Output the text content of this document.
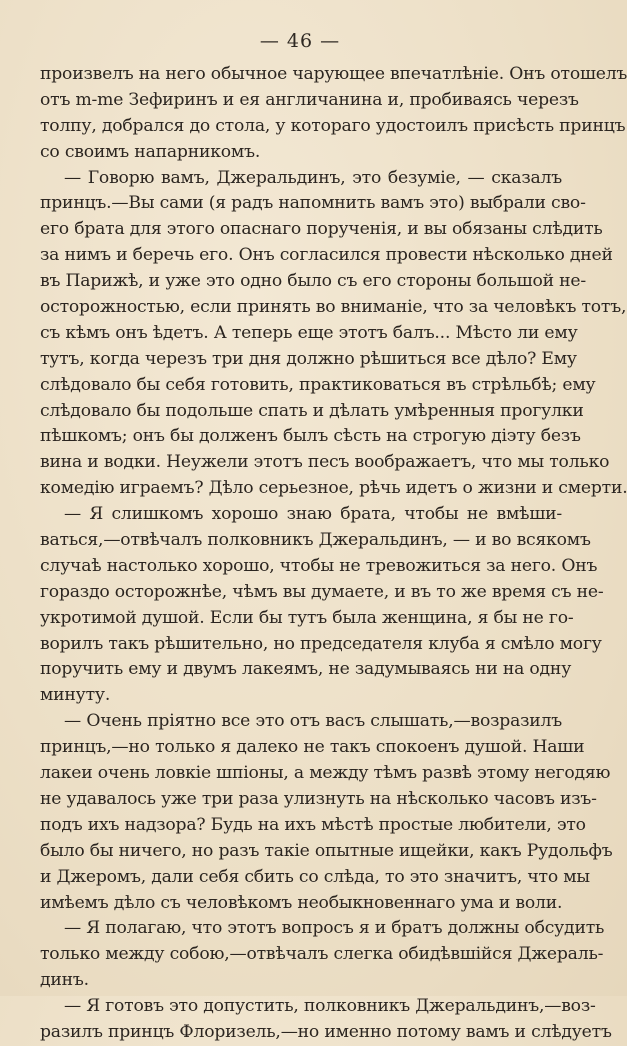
— 46 —
произвелъ на него обычное чарующее впечатлѣніе. Онъ отошелъ
отъ m-me Зефиринъ и ея англичанина и, пробиваясь черезъ
толпу, добрался до стола, у котораго удостоилъ присѣсть принцъ
со своимъ напарникомъ.
— Говорю вамъ, Джеральдинъ, это безуміе, — сказалъ
принцъ.—Вы сами (я радъ напомнить вамъ это) выбрали сво-
его брата для этого опаснаго порученія, и вы обязаны слѣдить
за нимъ и беречь его. Онъ согласился провести нѣсколько дней
въ Парижѣ, и уже это одно было съ его стороны большой не-
осторожностью, если принять во вниманіе, что за человѣкъ тотъ,
съ кѣмъ онъ ѣдетъ. А теперь еще этотъ балъ... Мѣсто ли ему
тутъ, когда черезъ три дня должно рѣшиться все дѣло? Ему
слѣдовало бы себя готовить, практиковаться въ стрѣльбѣ; ему
слѣдовало бы подольше спать и дѣлать умѣренныя прогулки
пѣшкомъ; онъ бы долженъ былъ сѣсть на строгую діэту безъ
вина и водки. Неужели этотъ песъ воображаетъ, что мы только
комедію играемъ? Дѣло серьезное, рѣчь идетъ о жизни и смерти.
— Я слишкомъ хорошо знаю брата, чтобы не вмѣши-
ваться,—отвѣчалъ полковникъ Джеральдинъ, — и во всякомъ
случаѣ настолько хорошо, чтобы не тревожиться за него. Онъ
гораздо осторожнѣе, чѣмъ вы думаете, и въ то же время съ не-
укротимой душой. Если бы тутъ была женщина, я бы не го-
ворилъ такъ рѣшительно, но председателя клуба я смѣло могу
поручить ему и двумъ лакеямъ, не задумываясь ни на одну
минуту.
— Очень пріятно все это отъ васъ слышать,—возразилъ
принцъ,—но только я далеко не такъ спокоенъ душой. Наши
лакеи очень ловкіе шпіоны, а между тѣмъ развѣ этому негодяю
не удавалось уже три раза улизнуть на нѣсколько часовъ изъ-
подъ ихъ надзора? Будь на ихъ мѣстѣ простые любители, это
было бы ничего, но разъ такіе опытные ищейки, какъ Рудольфъ
и Джеромъ, дали себя сбить со слѣда, то это значитъ, что мы
имѣемъ дѣло съ человѣкомъ необыкновеннаго ума и воли.
— Я полагаю, что этотъ вопросъ я и братъ должны обсудить
только между собою,—отвѣчалъ слегка обидѣвшійся Джераль-
динъ.
— Я готовъ это допустить, полковникъ Джеральдинъ,—воз-
разилъ принцъ Флоризель,—но именно потому вамъ и слѣдуетъ
